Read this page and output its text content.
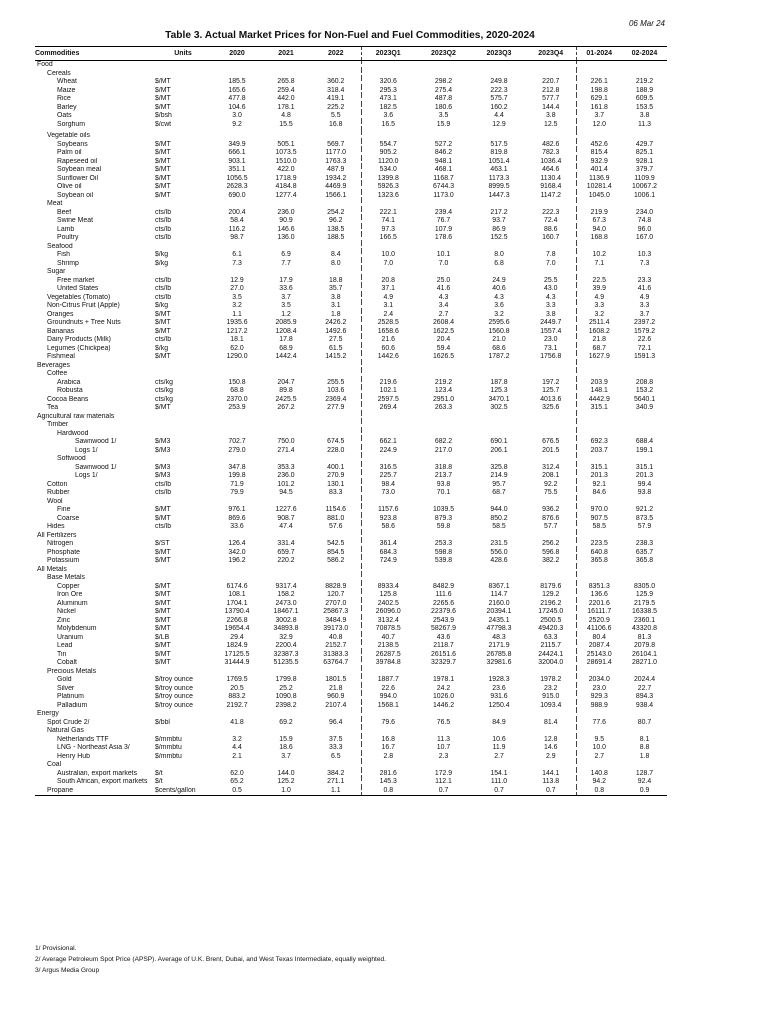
06 Mar 24
Table 3. Actual Market Prices for Non-Fuel and Fuel Commodities, 2020-2024
Commodities	Units	2020	2021	2022	2023Q1	2023Q2	2023Q3	2023Q4	01-2024	02-2024
Food										
Cereals										
Wheat	$/MT	185.5	265.8	360.2	320.6	298.2	249.8	220.7	226.1	219.2
Maize	$/MT	165.6	259.4	318.4	295.3	275.4	222.3	212.8	198.8	188.9
Rice	$/MT	477.8	442.0	419.1	473.1	487.8	575.7	577.7	629.1	609.5
Barley	$/MT	104.6	178.1	225.2	182.5	180.6	160.2	144.4	161.8	153.5
Oats	$/bsh	3.0	4.8	5.5	3.6	3.5	4.4	3.8	3.7	3.8
Sorghum	$/cwt	9.2	15.5	16.8	16.5	15.9	12.9	12.5	12.0	11.3

Vegetable oils										
Soybeans	$/MT	349.9	505.1	569.7	554.7	527.2	517.5	482.6	452.6	429.7
Palm oil	$/MT	666.1	1073.5	1177.0	905.2	846.2	819.8	782.3	815.4	825.1
Rapeseed oil	$/MT	903.1	1510.0	1763.3	1120.0	948.1	1051.4	1036.4	932.9	928.1
Soybean meal	$/MT	351.1	422.0	487.9	534.0	468.1	463.1	464.6	401.4	379.7
Sunflower Oil	$/MT	1056.5	1718.9	1934.2	1399.8	1168.7	1173.3	1130.4	1136.9	1109.9
Olive oil	$/MT	2628.3	4184.8	4469.9	5926.3	6744.3	8999.5	9168.4	10281.4	10067.2
Soybean oil	$/MT	690.0	1277.4	1566.1	1323.6	1173.0	1447.3	1147.2	1045.0	1006.1
Meat										
Beef	cts/lb	200.4	236.0	254.2	222.1	239.4	217.2	222.3	219.9	234.0
Swine Meat	cts/lb	58.4	90.9	96.2	74.1	76.7	93.7	72.4	67.3	74.8
Lamb	cts/lb	116.2	146.6	138.5	97.3	107.9	86.9	88.6	94.0	96.0
Poultry	cts/lb	98.7	136.0	188.5	166.5	178.6	152.5	160.7	168.8	167.0
Seafood										
Fish	$/kg	6.1	6.9	8.4	10.0	10.1	8.0	7.8	10.2	10.3
Shrimp	$/kg	7.3	7.7	8.0	7.0	7.0	6.8	7.0	7.1	7.3
Sugar										
Free market	cts/lb	12.9	17.9	18.8	20.8	25.0	24.9	25.5	22.5	23.3
United States	cts/lb	27.0	33.6	35.7	37.1	41.6	40.6	43.0	39.9	41.6
Vegetables (Tomato)	cts/lb	3.5	3.7	3.8	4.9	4.3	4.3	4.3	4.9	4.9
Non-Citrus Fruit (Apple)	$/kg	3.2	3.5	3.1	3.1	3.4	3.6	3.3	3.3	3.3
Oranges	$/MT	1.1	1.2	1.8	2.4	2.7	3.2	3.8	3.2	3.7
Groundnuts + Tree Nuts	$/MT	1935.6	2085.9	2426.2	2528.5	2608.4	2595.6	2449.7	2511.4	2397.2
Bananas	$/MT	1217.2	1208.4	1492.6	1658.6	1622.5	1560.8	1557.4	1608.2	1579.2
Dairy Products (Milk)	cts/lb	18.1	17.8	27.5	21.6	20.4	21.0	23.0	21.8	22.6
Legumes (Chickpea)	$/kg	62.0	68.9	61.5	60.6	59.4	68.6	73.1	68.7	72.1
Fishmeal	$/MT	1290.0	1442.4	1415.2	1442.6	1626.5	1787.2	1756.8	1627.9	1591.3
Beverages										
Coffee										
Arabica	cts/kg	150.8	204.7	255.5	219.6	219.2	187.8	197.2	203.9	208.8
Robusta	cts/kg	68.8	89.8	103.6	102.1	123.4	125.3	125.7	148.1	153.2
Cocoa Beans	cts/kg	2370.0	2425.5	2369.4	2597.5	2951.0	3470.1	4013.6	4442.9	5640.1
Tea	$/MT	253.9	267.2	277.9	269.4	263.3	302.5	325.6	315.1	340.9
Agricultural raw materials										
Timber										
Hardwood										
Sawnwood 1/	$/M3	702.7	750.0	674.5	662.1	682.2	690.1	676.5	692.3	688.4
Logs 1/	$/M3	279.0	271.4	228.0	224.9	217.0	206.1	201.5	203.7	199.1
Softwood										
Sawnwood 1/	$/M3	347.8	353.3	400.1	316.5	318.8	325.8	312.4	315.1	315.1
Logs 1/	$/M3	199.8	236.0	270.9	225.7	213.7	214.9	208.1	201.3	201.3
Cotton	cts/lb	71.9	101.2	130.1	98.4	93.8	95.7	92.2	92.1	99.4
Rubber	cts/lb	79.9	94.5	83.3	73.0	70.1	68.7	75.5	84.6	93.8
Wool										
Fine	$/MT	976.1	1227.6	1154.6	1157.6	1039.5	944.0	936.2	970.0	921.2
Coarse	$/MT	869.6	908.7	881.0	923.8	879.3	850.2	876.6	907.5	873.5
Hides	cts/lb	33.6	47.4	57.6	58.6	59.8	58.5	57.7	58.5	57.9
All Fertilizers										
Nitrogen	$/ST	126.4	331.4	542.5	361.4	253.3	231.5	256.2	223.5	238.3
Phosphate	$/MT	342.0	659.7	854.5	684.3	598.8	556.0	596.8	640.8	635.7
Potassium	$/MT	196.2	220.2	586.2	724.9	539.8	428.6	382.2	365.8	365.8
All Metals										
Base Metals										
Copper	$/MT	6174.6	9317.4	8828.9	8933.4	8482.9	8367.1	8179.6	8351.3	8305.0
Iron Ore	$/MT	108.1	158.2	120.7	125.8	111.6	114.7	129.2	136.6	125.9
Aluminum	$/MT	1704.1	2473.0	2707.0	2402.5	2265.6	2160.0	2196.2	2201.6	2179.5
Nickel	$/MT	13790.4	18467.1	25867.3	26096.0	22379.6	20394.1	17245.0	16111.7	16338.5
Zinc	$/MT	2266.8	3002.8	3484.9	3132.4	2543.9	2435.1	2500.5	2520.9	2360.1
Molybdenum	$/MT	19654.4	34893.8	39173.0	70878.5	58267.9	47798.3	49420.3	41106.6	43320.8
Uranium	$/LB	29.4	32.9	40.8	40.7	43.6	48.3	63.3	80.4	81.3
Lead	$/MT	1824.9	2200.4	2152.7	2138.5	2118.7	2171.9	2115.7	2087.4	2079.8
Tin	$/MT	17125.5	32387.3	31383.3	26287.5	26151.6	26785.8	24424.1	25143.0	26104.1
Cobalt	$/MT	31444.9	51235.5	63764.7	39784.8	32329.7	32981.6	32004.0	28691.4	28271.0
Precious Metals										
Gold	$/troy ounce	1769.5	1799.8	1801.5	1887.7	1978.1	1928.3	1978.2	2034.0	2024.4
Silver	$/troy ounce	20.5	25.2	21.8	22.6	24.2	23.6	23.2	23.0	22.7
Platinum	$/troy ounce	883.2	1090.8	960.9	994.0	1026.0	931.6	915.0	929.3	894.3
Palladium	$/troy ounce	2192.7	2398.2	2107.4	1568.1	1446.2	1250.4	1093.4	988.9	938.4
Energy										
Spot Crude 2/	$/bbl	41.8	69.2	96.4	79.6	76.5	84.9	81.4	77.6	80.7
Natural Gas										
Netherlands TTF	$/mmbtu	3.2	15.9	37.5	16.8	11.3	10.6	12.8	9.5	8.1
LNG - Northeast Asia 3/	$/mmbtu	4.4	18.6	33.3	16.7	10.7	11.9	14.6	10.0	8.8
Henry Hub	$/mmbtu	2.1	3.7	6.5	2.8	2.3	2.7	2.9	2.7	1.8
Coal										
Australian, export markets	$/t	62.0	144.0	384.2	281.6	172.9	154.1	144.1	140.8	128.7
South African, export markets	$/t	65.2	125.2	271.1	145.3	112.1	111.0	113.8	94.2	92.4
Propane	$cents/gallon	0.5	1.0	1.1	0.8	0.7	0.7	0.7	0.8	0.9
1/ Provisional.
2/ Average Petroleum Spot Price (APSP). Average of U.K. Brent, Dubai, and West Texas Intermediate, equally weighted.
3/ Argus Media Group
